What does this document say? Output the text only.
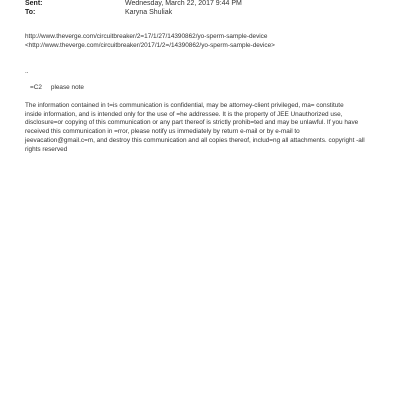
Sent:	Wednesday, March 22, 2017 9:44 PM
To:	Karyna Shuliak
http://www.theverge.com/circuitbreaker/2=17/1/27/14390862/yo-sperm-sample-device
<http://www.theverge.com/circuitbreaker/2017/1/2=/14390862/yo-sperm-sample-device>
..
=C2 please note
The information contained in t=is communication is confidential, may be attorney-client privileged, ma= constitute
inside information, and is intended only for the use of =he addressee. It is the property of JEE Unauthorized use,
disclosure=or copying of this communication or any part thereof is strictly prohib=ted and may be unlawful. If you have
received this communication in =rror, please notify us immediately by return e-mail or by e-mail to
jeevacation@gmail.c=m, and destroy this communication and all copies thereof, includ=ng all attachments. copyright -all
rights reserved
